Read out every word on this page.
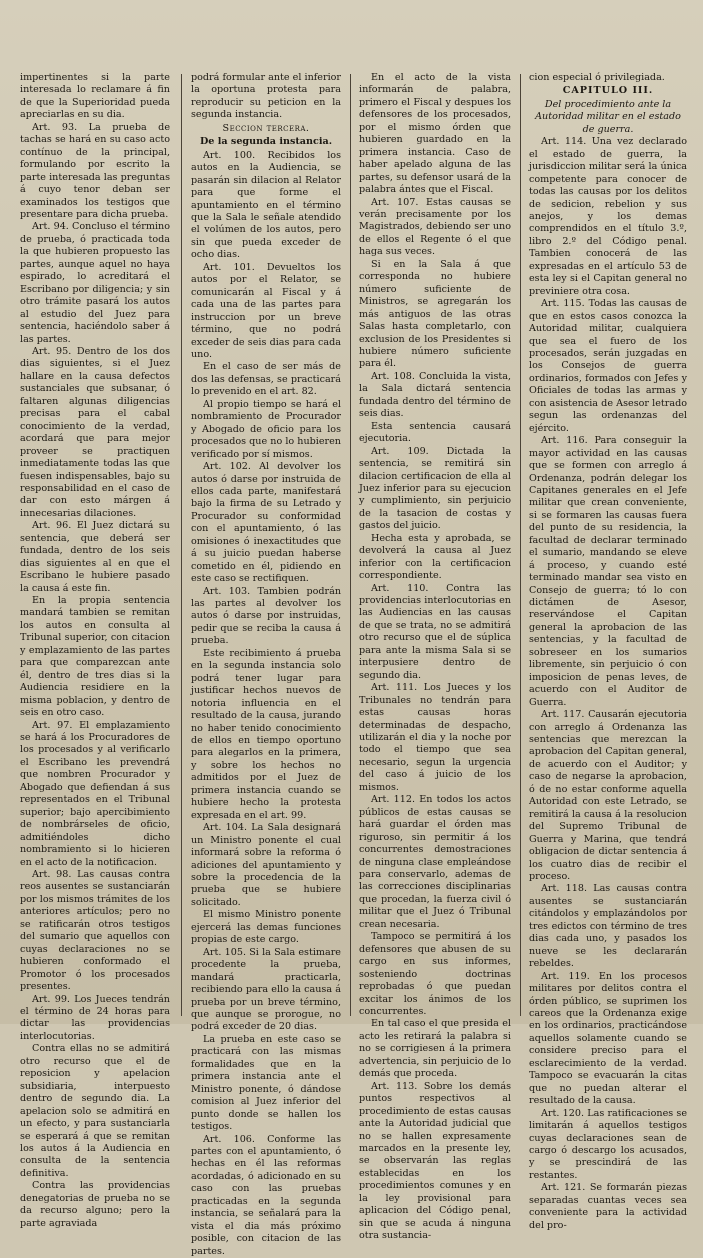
impertinentes si la parte interesada lo reclamare á fin de que la Superioridad pueda apreciarlas en su dia.

Art. 93. La prueba de tachas se hará en su caso acto contínuo de la principal, formulando por escrito la parte interesada las preguntas á cuyo tenor deban ser examinados los testigos que presentare para dicha prueba.

Art. 94. Concluso el término de prueba, ó practicada toda la que hubieren propuesto las partes, aunque aquel no haya espirado, lo acreditará el Escribano por diligencia; y sin otro trámite pasará los autos al estudio del Juez para sentencia, haciéndolo saber á las partes.

Art. 95. Dentro de los dos dias siguientes, si el Juez hallare en la causa defectos sustanciales que subsanar, ó faltaren algunas diligencias precisas para el cabal conocimiento de la verdad, acordará que para mejor proveer se practiquen inmediatamente todas las que fuesen indispensables, bajo su responsabilidad en el caso de dar con esto márgen á innecesarias dilaciones.

Art. 96. El Juez dictará su sentencia, que deberá ser fundada, dentro de los seis dias siguientes al en que el Escribano le hubiere pasado la causa á este fin.

En la propia sentencia mandará tambien se remitan los autos en consulta al Tribunal superior, con citacion y emplazamiento de las partes para que comparezcan ante él, dentro de tres dias si la Audiencia residiere en la misma poblacion, y dentro de seis en otro caso.

Art. 97. El emplazamiento se hará á los Procuradores de los procesados y al verificarlo el Escribano les prevendrá que nombren Procurador y Abogado que defiendan á sus representados en el Tribunal superior; bajo apercibimiento de nombrárseles de oficio, admitiéndoles dicho nombramiento si lo hicieren en el acto de la notificacion.

Art. 98. Las causas contra reos ausentes se sustanciarán por los mismos trámites de los anteriores artículos; pero no se ratificarán otros testigos del sumario que aquellos con cuyas declaraciones no se hubieren conformado el Promotor ó los procesados presentes.

Art. 99. Los Jueces tendrán el término de 24 horas para dictar las providencias interlocutorias.

Contra ellas no se admitirá otro recurso que el de reposicion y apelacion subsidiaria, interpuesto dentro de segundo dia. La apelacion solo se admitirá en un efecto, y para sustanciarla se esperará á que se remitan los autos á la Audiencia en consulta de la sentencia definitiva.

Contra las providencias denegatorias de prueba no se da recurso alguno; pero la parte agraviada

podrá formular ante el inferior la oportuna protesta para reproducir su peticion en la segunda instancia.

Seccion tercera.

De la segunda instancia.

Art. 100. Recibidos los autos en la Audiencia, se pasarán sin dilacion al Relator para que forme el apuntamiento en el término que la Sala le señale atendido el volúmen de los autos, pero sin que pueda exceder de ocho dias.

Art. 101. Devueltos los autos por el Relator, se comunicarán al Fiscal y á cada una de las partes para instruccion por un breve término, que no podrá exceder de seis dias para cada uno.

En el caso de ser más de dos las defensas, se practicará lo prevenido en el art. 82.

Al propio tiempo se hará el nombramiento de Procurador y Abogado de oficio para los procesados que no lo hubieren verificado por sí mismos.

Art. 102. Al devolver los autos ó darse por instruida de ellos cada parte, manifestará bajo la firma de su Letrado y Procurador su conformidad con el apuntamiento, ó las omisiones ó inexactitudes que á su juicio puedan haberse cometido en él, pidiendo en este caso se rectifiquen.

Art. 103. Tambien podrán las partes al devolver los autos ó darse por instruidas, pedir que se reciba la causa á prueba.

Este recibimiento á prueba en la segunda instancia solo podrá tener lugar para justificar hechos nuevos de notoria influencia en el resultado de la causa, jurando no haber tenido conocimiento de ellos en tiempo oportuno para alegarlos en la primera, y sobre los hechos no admitidos por el Juez de primera instancia cuando se hubiere hecho la protesta expresada en el art. 99.

Art. 104. La Sala designará un Ministro ponente el cual informará sobre la reforma ó adiciones del apuntamiento y sobre la procedencia de la prueba que se hubiere solicitado.

El mismo Ministro ponente ejercerá las demas funciones propias de este cargo.

Art. 105. Si la Sala estimare procedente la prueba, mandará practicarla, recibiendo para ello la causa á prueba por un breve término, que aunque se prorogue, no podrá exceder de 20 dias.

La prueba en este caso se practicará con las mismas formalidades que en la primera instancia ante el Ministro ponente, ó dándose comision al Juez inferior del punto donde se hallen los testigos.

Art. 106. Conforme las partes con el apuntamiento, ó hechas en él las reformas acordadas, ó adicionado en su caso con las pruebas practicadas en la segunda instancia, se señalará para la vista el dia más próximo posible, con citacion de las partes.

En el acto de la vista informarán de palabra, primero el Fiscal y despues los defensores de los procesados, por el mismo órden que hubieren guardado en la primera instancia. Caso de haber apelado alguna de las partes, su defensor usará de la palabra ántes que el Fiscal.

Art. 107. Estas causas se verán precisamente por los Magistrados, debiendo ser uno de ellos el Regente ó el que haga sus veces.

Si en la Sala á que corresponda no hubiere número suficiente de Ministros, se agregarán los más antiguos de las otras Salas hasta completarlo, con exclusion de los Presidentes si hubiere número suficiente para él.

Art. 108. Concluida la vista, la Sala dictará sentencia fundada dentro del término de seis dias.

Esta sentencia causará ejecutoria.

Art. 109. Dictada la sentencia, se remitirá sin dilacion certificacion de ella al Juez inferior para su ejecucion y cumplimiento, sin perjuicio de la tasacion de costas y gastos del juicio.

Hecha esta y aprobada, se devolverá la causa al Juez inferior con la certificacion correspondiente.

Art. 110. Contra las providencias interlocutorias en las Audiencias en las causas de que se trata, no se admitirá otro recurso que el de súplica para ante la misma Sala si se interpusiere dentro de segundo dia.

Art. 111. Los Jueces y los Tribunales no tendrán para estas causas horas determinadas de despacho, utilizarán el dia y la noche por todo el tiempo que sea necesario, segun la urgencia del caso á juicio de los mismos.

Art. 112. En todos los actos públicos de estas causas se hará guardar el órden mas riguroso, sin permitir á los concurrentes demostraciones de ninguna clase empleándose para conservarlo, ademas de las correcciones disciplinarias que procedan, la fuerza civil ó militar que el Juez ó Tribunal crean necesaria.

Tampoco se permitirá á los defensores que abusen de su cargo en sus informes, sosteniendo doctrinas reprobadas ó que puedan excitar los ánimos de los concurrentes.

En tal caso el que presida el acto les retirará la palabra si no se corrigiesen á la primera advertencia, sin perjuicio de lo demás que proceda.

Art. 113. Sobre los demás puntos respectivos al procedimiento de estas causas ante la Autoridad judicial que no se hallen expresamente marcados en la presente ley, se observarán las reglas establecidas en los procedimientos comunes y en la ley provisional para aplicacion del Código penal, sin que se acuda á ninguna otra sustancia-

cion especial ó privilegiada.

CAPITULO III.

Del procedimiento ante la Autoridad militar en el estado de guerra.

Art. 114. Una vez declarado el estado de guerra, la jurisdiccion militar será la única competente para conocer de todas las causas por los delitos de sedicion, rebelion y sus anejos, y los demas comprendidos en el título 3.º, libro 2.º del Código penal. Tambien conocerá de las expresadas en el artículo 53 de esta ley si el Capitan general no previniere otra cosa.

Art. 115. Todas las causas de que en estos casos conozca la Autoridad militar, cualquiera que sea el fuero de los procesados, serán juzgadas en los Consejos de guerra ordinarios, formados con Jefes y Oficiales de todas las armas y con asistencia de Asesor letrado segun las ordenanzas del ejército.

Art. 116. Para conseguir la mayor actividad en las causas que se formen con arreglo á Ordenanza, podrán delegar los Capitanes generales en el Jefe militar que crean conveniente, si se formaren las causas fuera del punto de su residencia, la facultad de declarar terminado el sumario, mandando se eleve á proceso, y cuando esté terminado mandar sea visto en Consejo de guerra; tó lo con dictámen de Asesor, reservándose el Capitan general la aprobacion de las sentencias, y la facultad de sobreseer en los sumarios libremente, sin perjuicio ó con imposicion de penas leves, de acuerdo con el Auditor de Guerra.

Art. 117. Causarán ejecutoria con arreglo á Ordenanza las sentencias que merezcan la aprobacion del Capitan general, de acuerdo con el Auditor; y caso de negarse la aprobacion, ó de no estar conforme aquella Autoridad con este Letrado, se remitirá la causa á la resolucion del Supremo Tribunal de Guerra y Marina, que tendrá obligacion de dictar sentencia á los cuatro dias de recibir el proceso.

Art. 118. Las causas contra ausentes se sustanciarán citándolos y emplazándolos por tres edictos con término de tres dias cada uno, y pasados los nueve se les declararán rebeldes.

Art. 119. En los procesos militares por delitos contra el órden público, se suprimen los careos que la Ordenanza exige en los ordinarios, practicándose aquellos solamente cuando se considere preciso para el esclarecimiento de la verdad. Tampoco se evacuarán la citas que no puedan alterar el resultado de la causa.

Art. 120. Las ratificaciones se limitarán á aquellos testigos cuyas declaraciones sean de cargo ó descargo los acusados, y se prescindirá de las restantes.

Art. 121. Se formarán piezas separadas cuantas veces sea conveniente para la actividad del pro-
